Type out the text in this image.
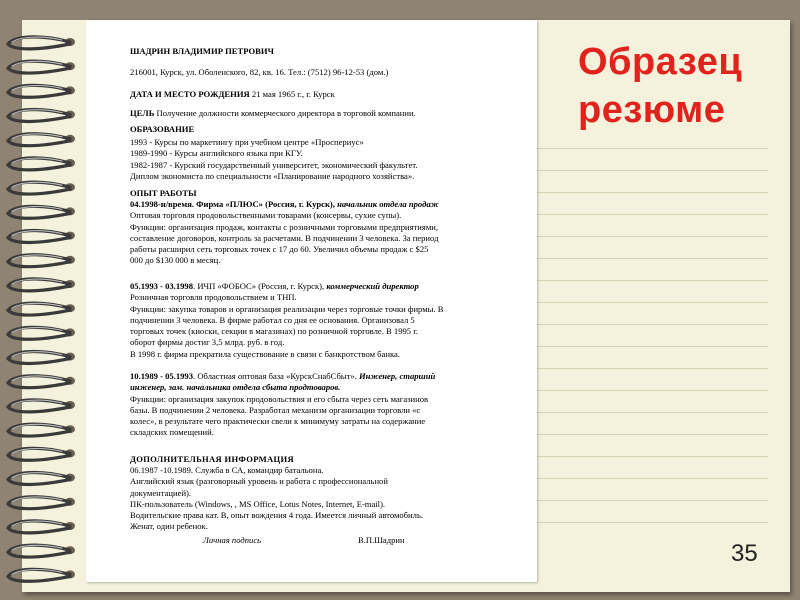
ШАДРИН ВЛАДИМИР ПЕТРОВИЧ
216001, Курск, ул. Оболенского, 82, кв. 16. Тел.: (7512) 96-12-53 (дом.)
ДАТА И МЕСТО РОЖДЕНИЯ 21 мая 1965 г., г. Курск
ЦЕЛЬ Получение должности коммерческого директора в торговой компании.
ОБРАЗОВАНИЕ
1993 - Курсы по маркетингу при учебном центре «Проспериус»
1989-1990 - Курсы английского языка при КГУ.
1982-1987 - Курский государственный университет, экономический факультет.
Диплом экономиста по специальности «Планирование народного хозяйства».
ОПЫТ РАБОТЫ
04.1998-н/время. Фирма «ПЛЮС» (Россия, г. Курск), начальник отдела продаж
Оптовая торговля продовольственными товарами (консервы, сухие супы).
Функции: организация продаж, контакты с розничными торговыми предприятиями,
составление договоров, контроль за расчетами. В подчинении 3 человека. За период
работы расширил сеть торговых точек с 17 до 60. Увеличил объемы продаж с $25
000 до $130 000 в месяц.
05.1993 - 03.1998. ИЧП «ФОБОС» (Россия, г. Курск), коммерческий директор
Розничная торговля продовольствием и ТНП.
Функции: закупка товаров и организация реализации через торговые точки фирмы. В
подчинении 3 человека. В фирме работал со дня ее основания. Организовал 5
торговых точек (киоски, секции в магазинах) по розничной торговле. В 1995 г.
оборот фирмы достиг 3,5 млрд. руб. в год.
В 1998 г. фирма прекратила существование в связи с банкротством банка.
10.1989 - 05.1993. Областная оптовая база «КурскСнабСбыт». Инженер, старший
инженер, зам. начальника отдела сбыта продтоваров.
Функции: организация закупок продовольствия и его сбыта через сеть магазинов
базы. В подчинении 2 человека. Разработал механизм организации торговли «с
колес», в результате чего практически свели к минимуму затраты на содержание
складских помещений.
ДОПОЛНИТЕЛЬНАЯ ИНФОРМАЦИЯ
06.1987 -10.1989. Служба в СА, командир батальона.
Английский язык (разговорный уровень и работа с профессиональной
документацией).
ПК-пользователь (Windows, , MS Office, Lotus Notes, Internet, E-mail).
Водительские права кат. В, опыт вождения 4 года. Имеется личный автомобиль.
Женат, один ребенок.
Личная подпись	В.П.Шадрин
Образец
резюме
35
